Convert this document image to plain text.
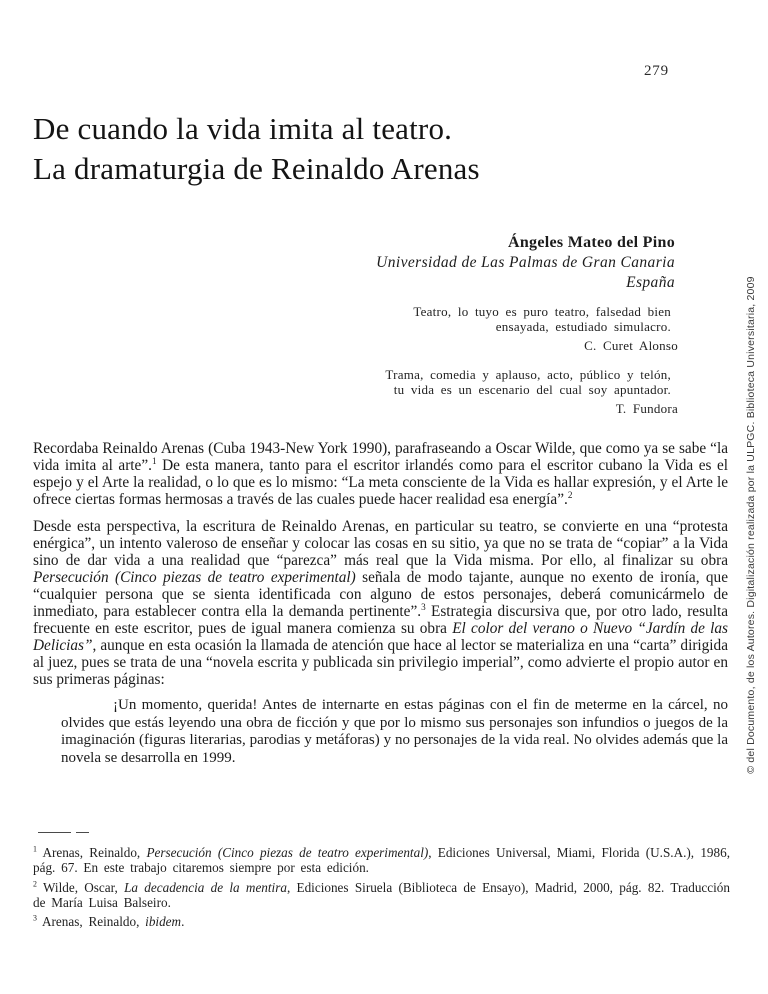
279
De cuando la vida imita al teatro.
La dramaturgia de Reinaldo Arenas
Ángeles Mateo del Pino
Universidad de Las Palmas de Gran Canaria
España
Teatro, lo tuyo es puro teatro, falsedad bien
ensayada, estudiado simulacro.
C. Curet Alonso
Trama, comedia y aplauso, acto, público y telón,
tu vida es un escenario del cual soy apuntador.
T. Fundora

Recordaba Reinaldo Arenas (Cuba 1943-New York 1990), parafraseando a Oscar Wilde, que como ya se sabe “la vida imita al arte”.$^1$ De esta manera, tanto para el escritor irlandés como para el escritor cubano la Vida es el espejo y el Arte la realidad, o lo que es lo mismo: “La meta consciente de la Vida es hallar expresión, y el Arte le ofrece ciertas formas hermosas a través de las cuales puede hacer realidad esa energía”.$^2$

Desde esta perspectiva, la escritura de Reinaldo Arenas, en particular su teatro, se convierte en una “protesta enérgica”, un intento valeroso de enseñar y colocar las cosas en su sitio, ya que no se trata de “copiar” a la Vida sino de dar vida a una realidad que “parezca” más real que la Vida misma. Por ello, al finalizar su obra Persecución (Cinco piezas de teatro experimental) señala de modo tajante, aunque no exento de ironía, que “cualquier persona que se sienta identificada con alguno de estos personajes, deberá comunicármelo de inmediato, para establecer contra ella la demanda pertinente”.$^3$ Estrategia discursiva que, por otro lado, resulta frecuente en este escritor, pues de igual manera comienza su obra El color del verano o Nuevo “Jardín de las Delicias”, aunque en esta ocasión la llamada de atención que hace al lector se materializa en una “carta” dirigida al juez, pues se trata de una “novela escrita y publicada sin privilegio imperial”, como advierte el propio autor en sus primeras páginas:

¡Un momento, querida! Antes de internarte en estas páginas con el fin de meterme en la cárcel, no olvides que estás leyendo una obra de ficción y que por lo mismo sus personajes son infundios o juegos de la imaginación (figuras literarias, parodias y metáforas) y no personajes de la vida real. No olvides además que la novela se desarrolla en 1999.

$^1$ Arenas, Reinaldo, Persecución (Cinco piezas de teatro experimental), Ediciones Universal, Miami, Florida (U.S.A.), 1986, pág. 67. En este trabajo citaremos siempre por esta edición.

$^2$ Wilde, Oscar, La decadencia de la mentira, Ediciones Siruela (Biblioteca de Ensayo), Madrid, 2000, pág. 82. Traducción de María Luisa Balseiro.

$^3$ Arenas, Reinaldo, ibidem.

© del Documento, de los Autores. Digitalización realizada por la ULPGC. Biblioteca Universitaria, 2009
